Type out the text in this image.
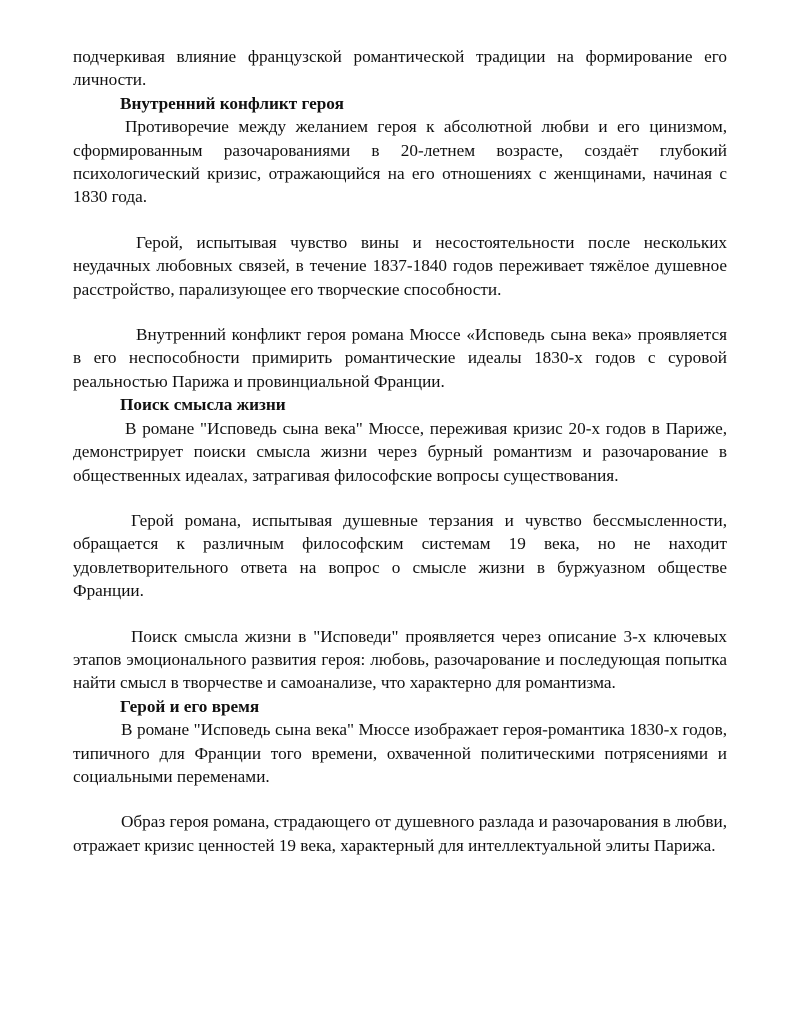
подчеркивая влияние французской романтической традиции на формирование его личности.

Внутренний конфликт героя

Противоречие между желанием героя к абсолютной любви и его цинизмом, сформированным разочарованиями в 20-летнем возрасте, создаёт глубокий психологический кризис, отражающийся на его отношениях с женщинами, начиная с 1830 года.

Герой, испытывая чувство вины и несостоятельности после нескольких неудачных любовных связей, в течение 1837-1840 годов переживает тяжёлое душевное расстройство, парализующее его творческие способности.

Внутренний конфликт героя романа Мюссе «Исповедь сына века» проявляется в его неспособности примирить романтические идеалы 1830-х годов с суровой реальностью Парижа и провинциальной Франции.

Поиск смысла жизни

В романе "Исповедь сына века" Мюссе, переживая кризис 20-х годов в Париже, демонстрирует поиски смысла жизни через бурный романтизм и разочарование в общественных идеалах, затрагивая философские вопросы существования.

Герой романа, испытывая душевные терзания и чувство бессмысленности, обращается к различным философским системам 19 века, но не находит удовлетворительного ответа на вопрос о смысле жизни в буржуазном обществе Франции.

Поиск смысла жизни в "Исповеди" проявляется через описание 3-х ключевых этапов эмоционального развития героя: любовь, разочарование и последующая попытка найти смысл в творчестве и самоанализе, что характерно для романтизма.

Герой и его время

В романе "Исповедь сына века" Мюссе изображает героя-романтика 1830-х годов, типичного для Франции того времени, охваченной политическими потрясениями и социальными переменами.

Образ героя романа, страдающего от душевного разлада и разочарования в любви, отражает кризис ценностей 19 века, характерный для интеллектуальной элиты Парижа.
